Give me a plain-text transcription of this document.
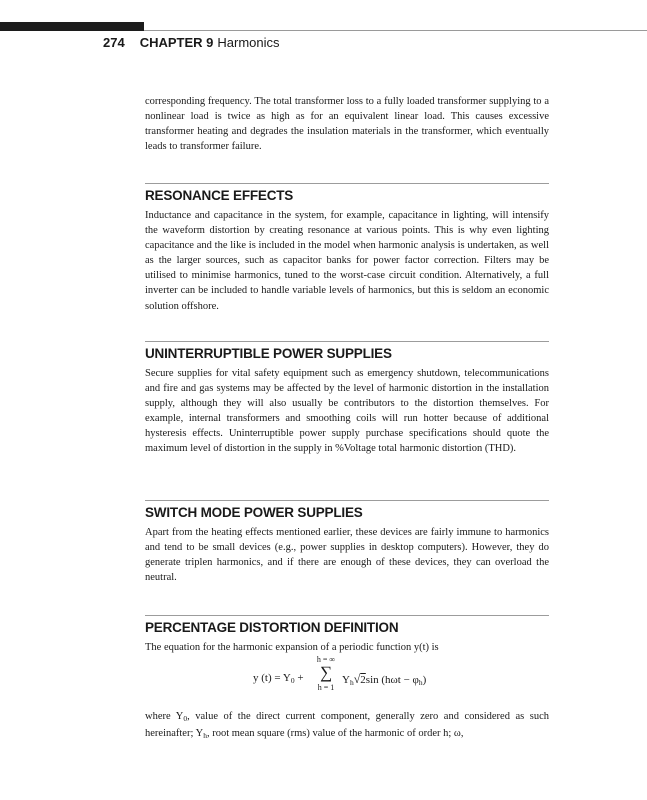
274 CHAPTER 9 Harmonics

corresponding frequency. The total transformer loss to a fully loaded transformer supplying to a nonlinear load is twice as high as for an equivalent linear load. This causes excessive transformer heating and degrades the insulation materials in the transformer, which eventually leads to transformer failure.

RESONANCE EFFECTS

Inductance and capacitance in the system, for example, capacitance in lighting, will intensify the waveform distortion by creating resonance at various points. This is why even lighting capacitance and the like is included in the model when harmonic analysis is undertaken, as well as the larger sources, such as capacitor banks for power factor correction. Filters may be utilised to minimise harmonics, tuned to the worst-case circuit condition. Alternatively, a full inverter can be included to handle variable levels of harmonics, but this is seldom an economic solution offshore.

UNINTERRUPTIBLE POWER SUPPLIES

Secure supplies for vital safety equipment such as emergency shutdown, telecommunications and fire and gas systems may be affected by the level of harmonic distortion in the installation supply, although they will also usually be contributors to the distortion themselves. For example, internal transformers and smoothing coils will run hotter because of additional hysteresis effects. Uninterruptible power supply purchase specifications should quote the maximum level of distortion in the supply in %Voltage total harmonic distortion (THD).

SWITCH MODE POWER SUPPLIES

Apart from the heating effects mentioned earlier, these devices are fairly immune to harmonics and tend to be small devices (e.g., power supplies in desktop computers). However, they do generate triplen harmonics, and if there are enough of these devices, they can overload the neutral.

PERCENTAGE DISTORTION DEFINITION

The equation for the harmonic expansion of a periodic function y(t) is

y $(t) = Y_0$ +
h = ∞
∑
h = 1
$Y_h√2\sin$ $(h\omega t - \varphi_h)$

where $Y_0$, value of the direct current component, generally zero and considered as such hereinafter; $Y_h$, root mean square (rms) value of the harmonic of order h; ω,
